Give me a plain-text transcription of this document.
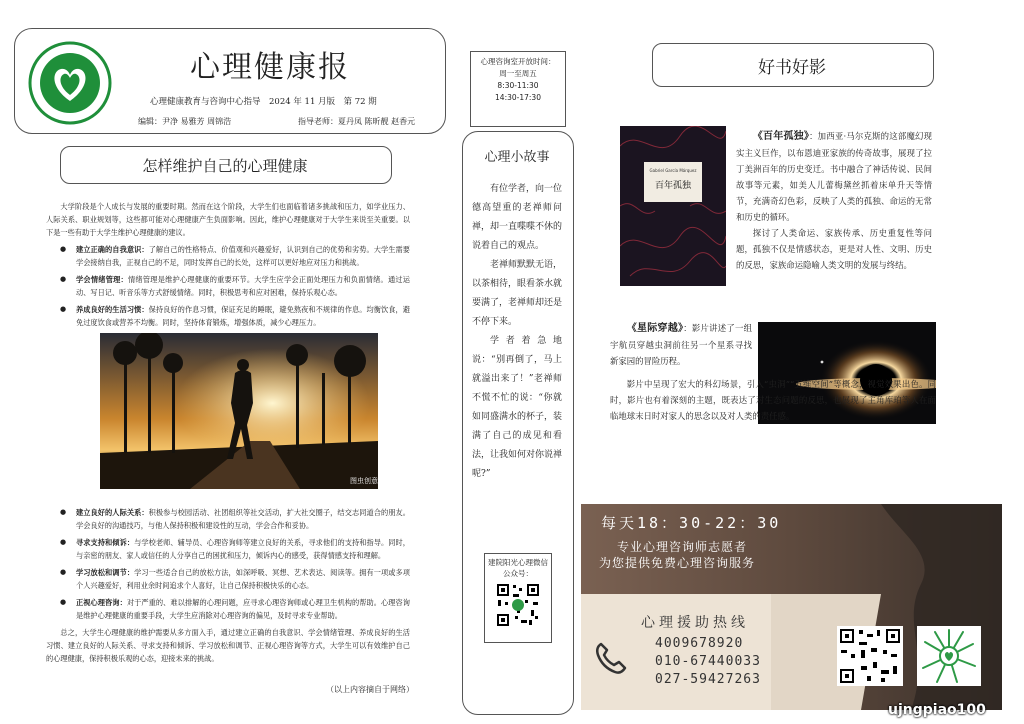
心理健康报
心理健康教育与咨询中心指导　2024 年 11 月版　第 72 期
编辑：尹净 易雅芳 周锦浩	指导老师：夏丹凤 陈昕靓 赵香元
怎样维护自己的心理健康

大学阶段是个人成长与发展的重要时期。然而在这个阶段，大学生们也面临着诸多挑战和压力，如学业压力、人际关系、职业规划等，这些都可能对心理健康产生负面影响。因此，维护心理健康对于大学生来说至关重要。以下是一些有助于大学生维护心理健康的建议。

● 建立正确的自我意识：了解自己的性格特点、价值观和兴趣爱好，认识到自己的优势和劣势。大学生需要学会接纳自我，正视自己的不足，同时发挥自己的长处，这样可以更好地应对压力和挑战。
● 学会情绪管理：情绪管理是维护心理健康的重要环节。大学生应学会正面处理压力和负面情绪。通过运动、写日记、听音乐等方式舒缓情绪。同时，积极思考和应对困难，保持乐观心态。
● 养成良好的生活习惯：保持良好的作息习惯，保证充足的睡眠，避免熬夜和不规律的作息。均衡饮食，避免过度饮食或营养不均衡。同时，坚持体育锻炼，增强体质，减少心理压力。
图虫创意
● 建立良好的人际关系：积极参与校园活动、社团组织等社交活动，扩大社交圈子，结交志同道合的朋友。学会良好的沟通技巧，与他人保持积极和建设性的互动，学会合作和妥协。
● 寻求支持和倾诉：与学校老师、辅导员、心理咨询师等建立良好的关系，寻求他们的支持和指导。同时，与亲密的朋友、家人或信任的人分享自己的困扰和压力，倾诉内心的感受，获得情感支持和理解。
● 学习放松和调节：学习一些适合自己的放松方法，如深呼吸、冥想、艺术表达、阅读等。拥有一项或多项个人兴趣爱好，利用业余时间追求个人喜好，让自己保持积极快乐的心态。
● 正视心理咨询：对于严重的、难以排解的心理问题，应寻求心理咨询师或心理卫生机构的帮助。心理咨询是维护心理健康的重要手段，大学生应消除对心理咨询的偏见，及时寻求专业帮助。

总之，大学生心理健康的维护需要从多方面入手，通过建立正确的自我意识、学会情绪管理、养成良好的生活习惯、建立良好的人际关系、寻求支持和倾诉、学习放松和调节、正视心理咨询等方式，大学生可以有效维护自己的心理健康，保持积极乐观的心态，迎接未来的挑战。

（以上内容摘自于网络）
心理咨询室开放时间：
周一至周五
8:30-11:30
14:30-17:30
心理小故事

有位学者，向一位德高望重的老禅师问禅，却一直喋喋不休的说着自己的观点。

老禅师默默无语，以茶相待，眼看茶水就要满了，老禅师却还是不停下来。

学者着急地说：“别再倒了，马上就溢出来了！”老禅师不慌不忙的说：“你就如同盛满水的杯子，装满了自己的成见和看法，让我如何对你说禅呢?”

建院阳光心理微信公众号：
好书好影
Gabriel García Márquez
百年孤独

《百年孤独》：加西亚·马尔克斯的这部魔幻现实主义巨作，以布恩迪亚家族的传奇故事，展现了拉丁美洲百年的历史变迁。书中融合了神话传说、民间故事等元素，如美人儿蕾梅黛丝抓着床单升天等情节，充满奇幻色彩，反映了人类的孤独、命运的无常和历史的循环。

探讨了人类命运、家族传承、历史重复性等问题，孤独不仅是情感状态，更是对人性、文明、历史的反思，家族命运隐喻人类文明的发展与终结。

《星际穿越》：影片讲述了一组宇航员穿越虫洞前往另一个星系寻找新家园的冒险历程。

影片中呈现了宏大的科幻场景，引入“虫洞”“五维空间”等概念，视觉效果出色。同时，影片也有着深刻的主题，既表达了对生态问题的反思，也展现了主角库珀等人在面临地球末日时对家人的思念以及对人类的责任感。

每天18：30-22：30
专业心理咨询师志愿者
为您提供免费心理咨询服务
心理援助热线
4009678920
010-67440033
027-59427263
ujngpiao100
